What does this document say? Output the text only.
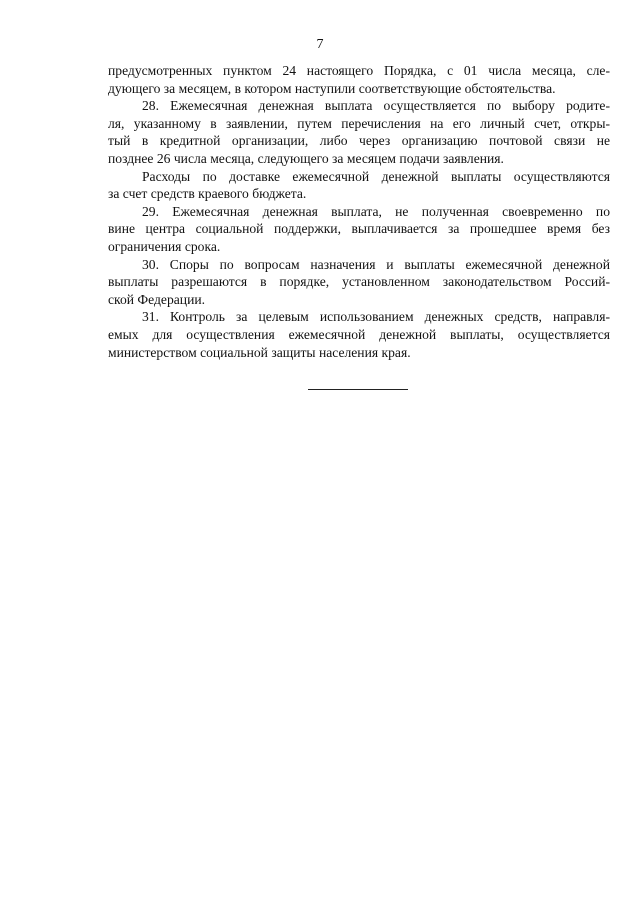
7
предусмотренных пунктом 24 настоящего Порядка, с 01 числа месяца, сле-
дующего за месяцем, в котором наступили соответствующие обстоятельства.
28. Ежемесячная денежная выплата осуществляется по выбору родите-
ля, указанному в заявлении, путем перечисления на его личный счет, откры-
тый в кредитной организации, либо через организацию почтовой связи не
позднее 26 числа месяца, следующего за месяцем подачи заявления.
Расходы по доставке ежемесячной денежной выплаты осуществляются
за счет средств краевого бюджета.
29. Ежемесячная денежная выплата, не полученная своевременно по
вине центра социальной поддержки, выплачивается за прошедшее время без
ограничения срока.
30. Споры по вопросам назначения и выплаты ежемесячной денежной
выплаты разрешаются в порядке, установленном законодательством Россий-
ской Федерации.
31. Контроль за целевым использованием денежных средств, направля-
емых для осуществления ежемесячной денежной выплаты, осуществляется
министерством социальной защиты населения края.
